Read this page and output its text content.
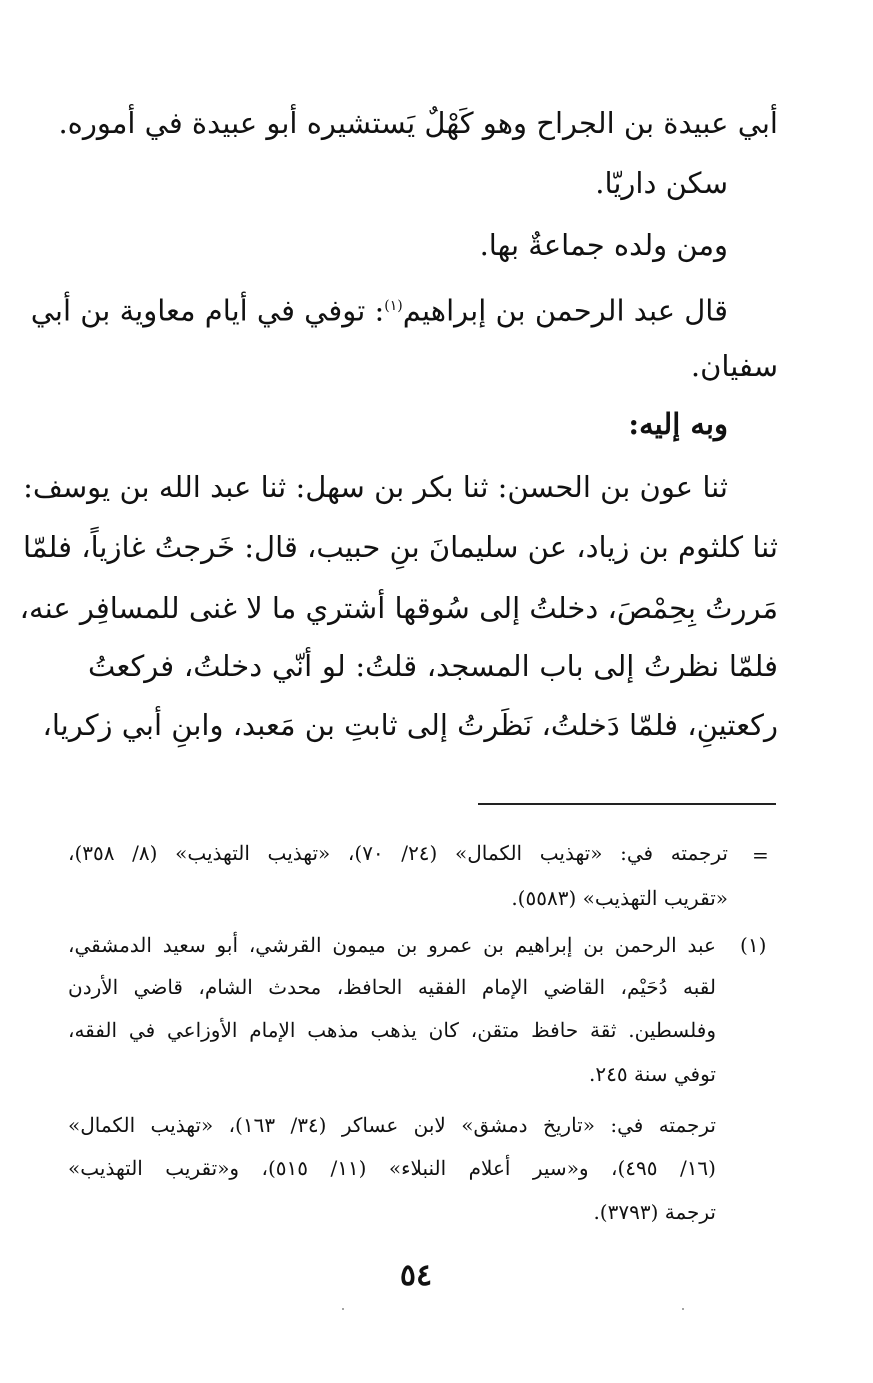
أبي عبيدة بن الجراح وهو كَهْلٌ يَستشيره أبو عبيدة في أموره.
سكن داريّا.
ومن ولده جماعةٌ بها.
قال عبد الرحمن بن إبراهيم$^{(١)}$: توفي في أيام معاوية بن أبي
سفيان.
وبه إليه:
ثنا عون بن الحسن: ثنا بكر بن سهل: ثنا عبد الله بن يوسف:
ثنا كلثوم بن زياد، عن سليمانَ بنِ حبيب، قال: خَرجتُ غازياً، فلمّا
مَررتُ بِحِمْصَ، دخلتُ إلى سُوقها أشتري ما لا غنى للمسافِر عنه،
فلمّا نظرتُ إلى باب المسجد، قلتُ: لو أنّي دخلتُ، فركعتُ
ركعتينِ، فلمّا دَخلتُ، نَظَرتُ إلى ثابتِ بن مَعبد، وابنِ أبي زكريا،
=
ترجمته في: «تهذيب الكمال» (٢٤/ ٧٠)، «تهذيب التهذيب» (٨/ ٣٥٨)،
«تقريب التهذيب» (٥٥٨٣).
(١)
عبد الرحمن بن إبراهيم بن عمرو بن ميمون القرشي، أبو سعيد الدمشقي،
لقبه دُحَيْم، القاضي الإمام الفقيه الحافظ، محدث الشام، قاضي الأردن
وفلسطين. ثقة حافظ متقن، كان يذهب مذهب الإمام الأوزاعي في الفقه،
توفي سنة ٢٤٥.
ترجمته في: «تاريخ دمشق» لابن عساكر (٣٤/ ١٦٣)، «تهذيب الكمال»
(١٦/ ٤٩٥)، و«سير أعلام النبلاء» (١١/ ٥١٥)، و«تقريب التهذيب»
ترجمة (٣٧٩٣).
٥٤
